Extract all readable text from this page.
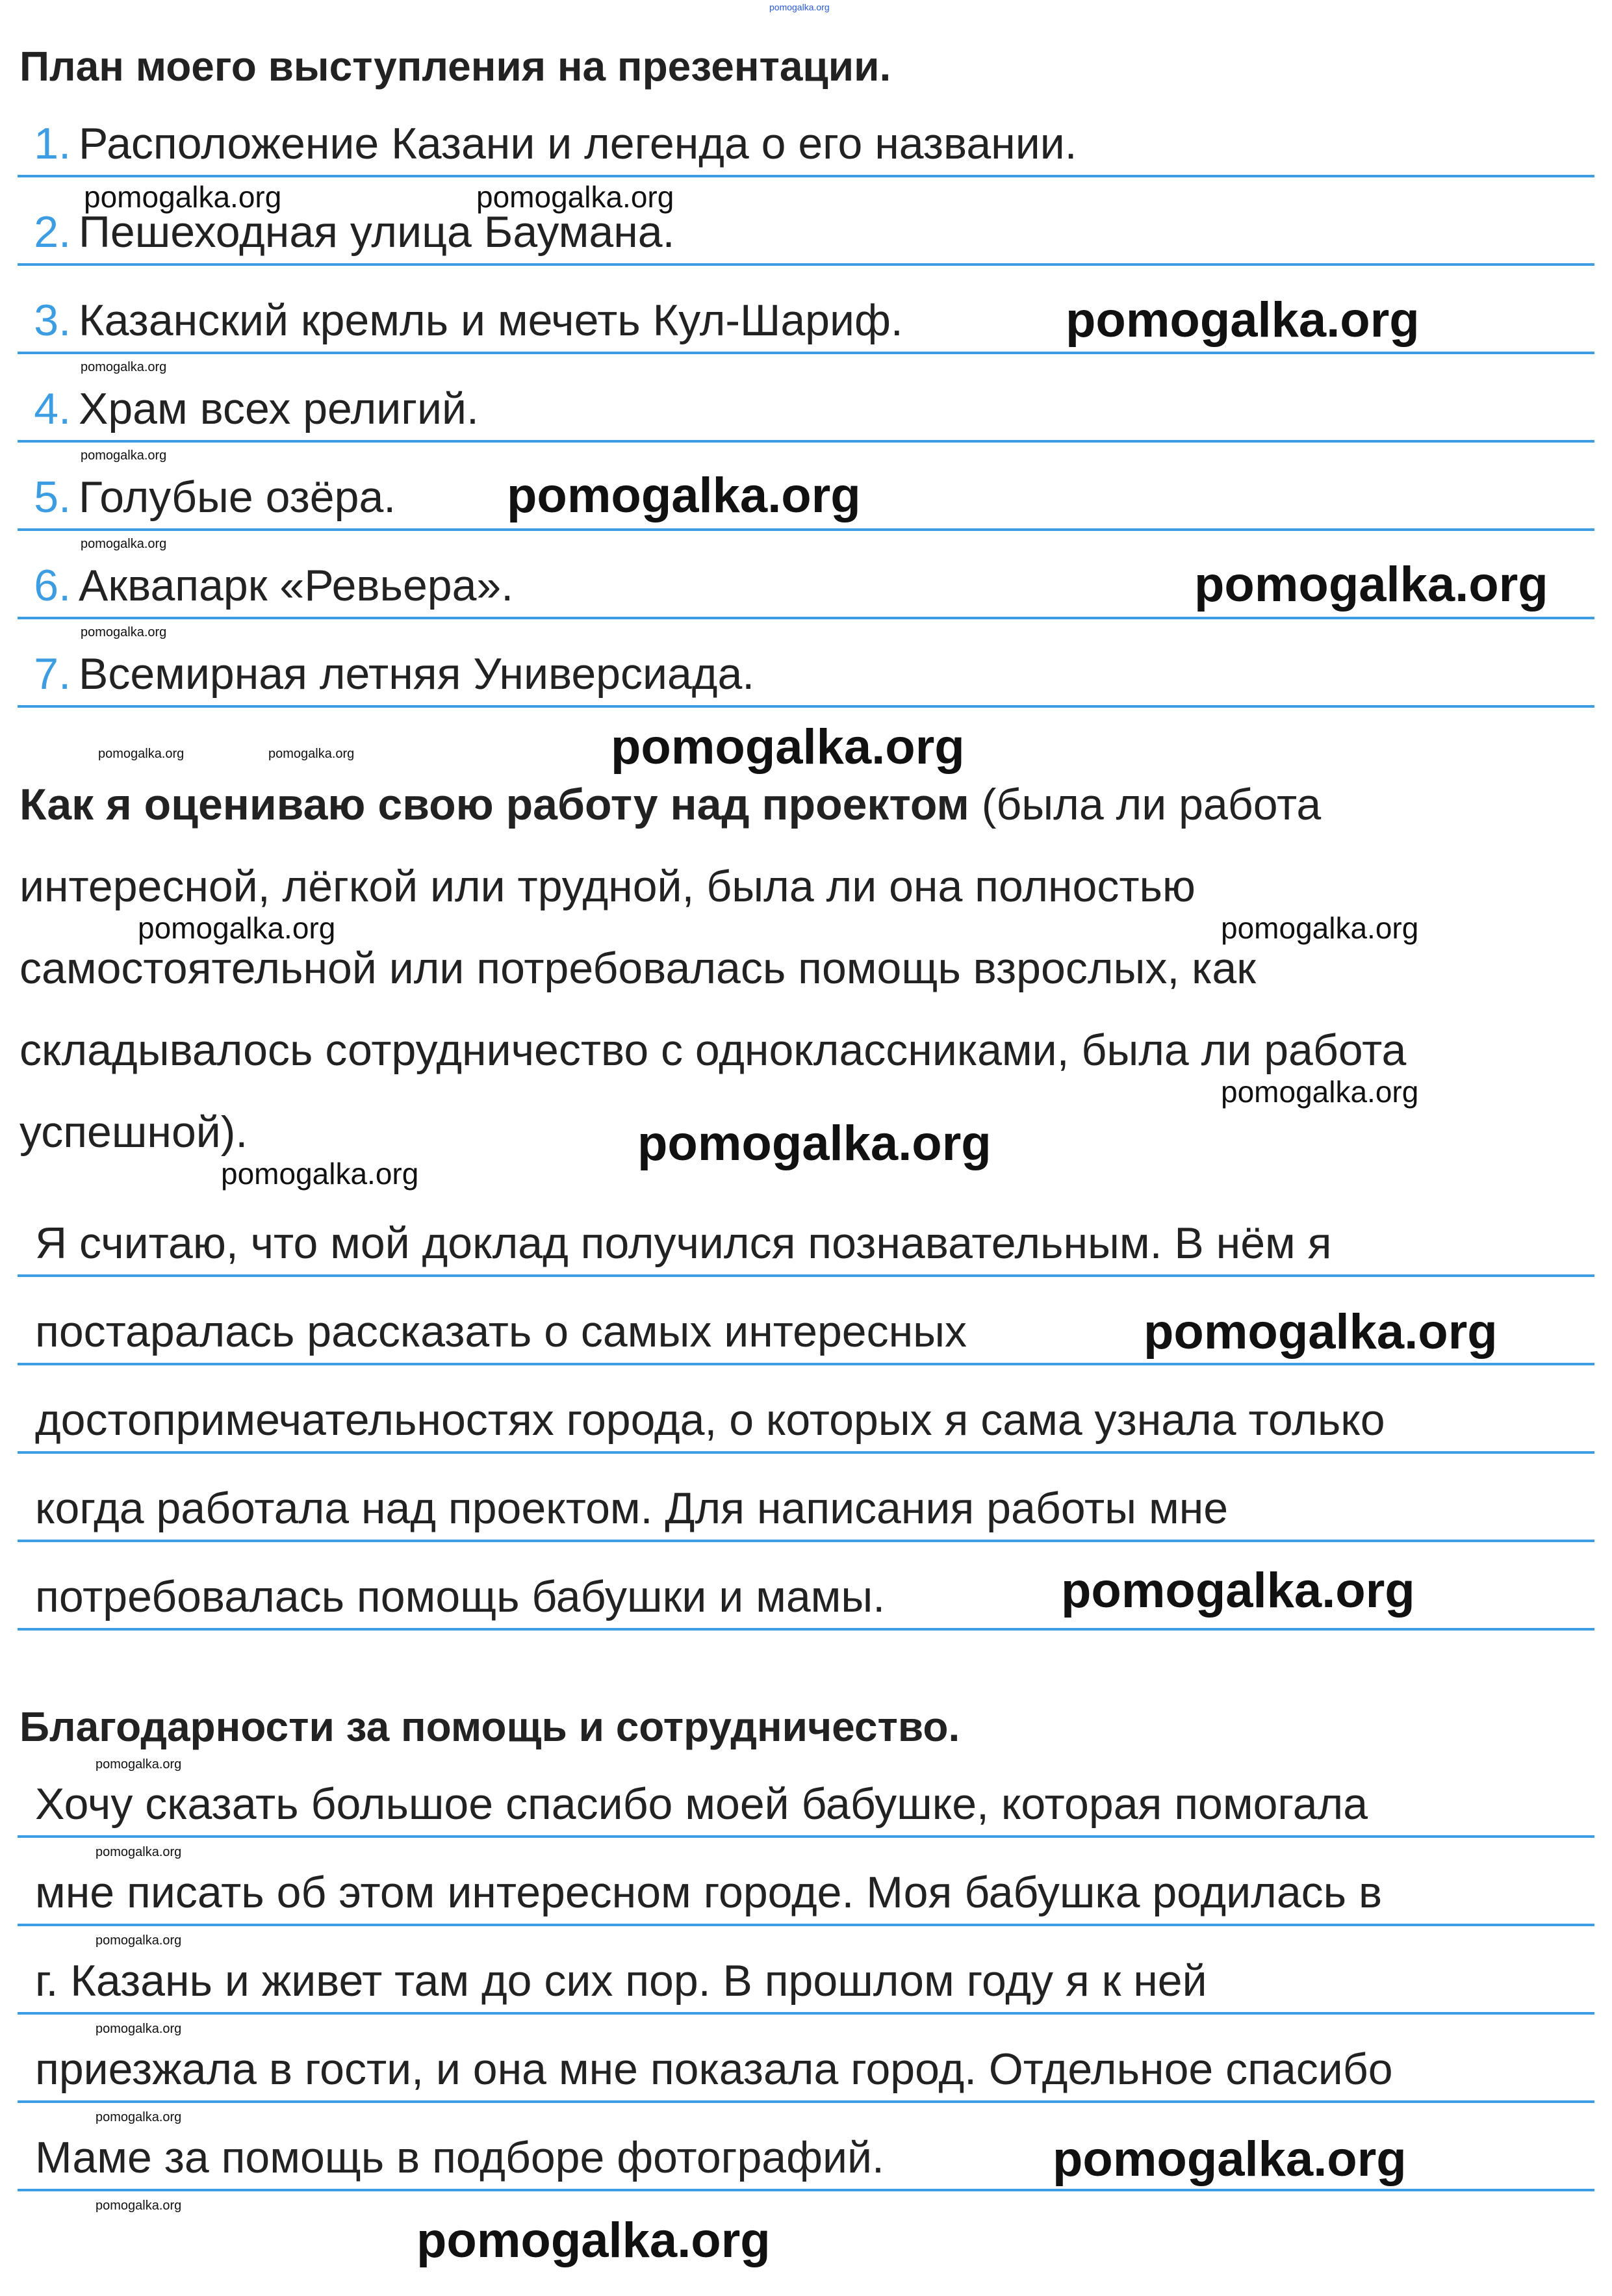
План моего выступления на презентации.
1. Расположение Казани и легенда о его названии.
2. Пешеходная улица Баумана.
3. Казанский кремль и мечеть Кул-Шариф.
4. Храм всех религий.
5. Голубые озёра.
6. Аквапарк «Ревьера».
7. Всемирная летняя Универсиада.
Как я оцениваю свою работу над проектом (была ли работа
интересной, лёгкой или трудной, была ли она полностью
самостоятельной или потребовалась помощь взрослых, как
складывалось сотрудничество с одноклассниками, была ли работа
успешной).
Я считаю, что мой доклад получился познавательным. В нём я
постаралась рассказать о самых интересных
достопримечательностях города, о которых я сама узнала только
когда работала над проектом. Для написания работы мне
потребовалась помощь бабушки и мамы.
Благодарности за помощь и сотрудничество.
Хочу сказать большое спасибо моей бабушке, которая помогала
мне писать об этом интересном городе. Моя бабушка родилась в
г. Казань и живет там до сих пор. В прошлом году я к ней
приезжала в гости, и она мне показала город. Отдельное спасибо
Маме за помощь в подборе фотографий.
pomogalka.org
pomogalka.org	pomogalka.org
pomogalka.org
pomogalka.org
pomogalka.org
pomogalka.org
pomogalka.org
pomogalka.org
pomogalka.org
pomogalka.org	pomogalka.org	pomogalka.org
pomogalka.org
pomogalka.org
pomogalka.org
pomogalka.org
pomogalka.org
pomogalka.org
pomogalka.org
pomogalka.org
pomogalka.org
pomogalka.org
pomogalka.org
pomogalka.org
pomogalka.org
pomogalka.org
pomogalka.org
